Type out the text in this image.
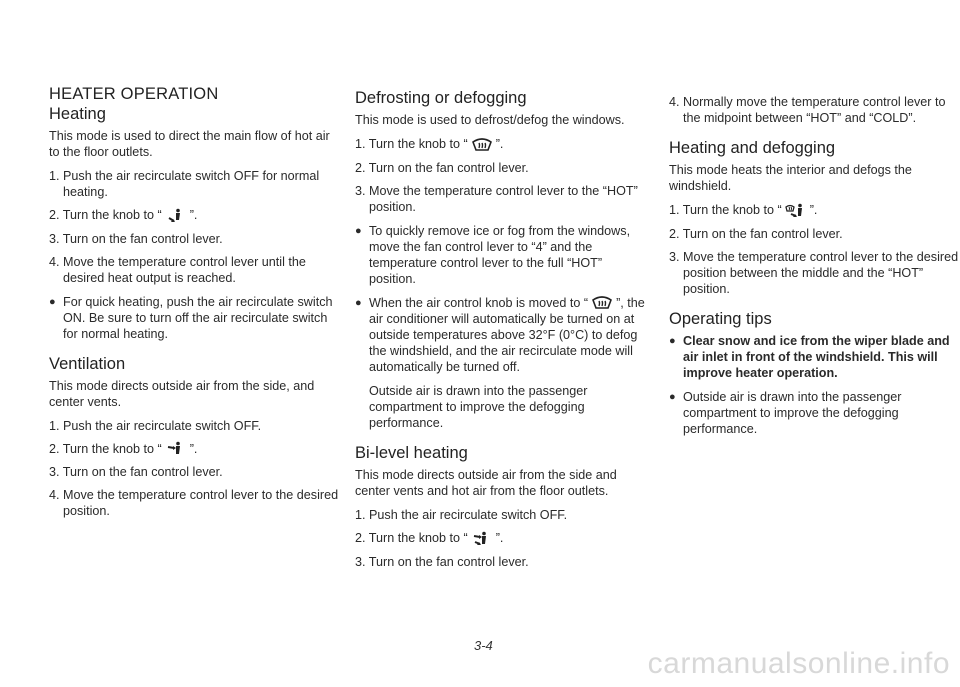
HEATER OPERATION
Heating

This mode is used to direct the main flow of hot air to the floor outlets.

1. Push the air recirculate switch OFF for normal heating.
2. Turn the knob to “ ”.
3. Turn on the fan control lever.
4. Move the temperature control lever until the desired heat output is reached.
● For quick heating, push the air recirculate switch ON. Be sure to turn off the air recirculate switch for normal heating.
Ventilation

This mode directs outside air from the side, and center vents.

1. Push the air recirculate switch OFF.
2. Turn the knob to “ ”.
3. Turn on the fan control lever.
4. Move the temperature control lever to the desired position.
Defrosting or defogging

This mode is used to defrost/defog the windows.

1. Turn the knob to “ ”.
2. Turn on the fan control lever.
3. Move the temperature control lever to the “HOT” position.
● To quickly remove ice or fog from the windows, move the fan control lever to “4” and the temperature control lever to the full “HOT” position.
● When the air control knob is moved to “ ”, the air conditioner will automatically be turned on at outside temperatures above 32°F (0°C) to defog the windshield, and the air recirculate mode will automatically be turned off.

Outside air is drawn into the passenger compartment to improve the defogging performance.

Bi-level heating

This mode directs outside air from the side and center vents and hot air from the floor outlets.

1. Push the air recirculate switch OFF.
2. Turn the knob to “ ”.
3. Turn on the fan control lever.
4. Normally move the temperature control lever to the midpoint between “HOT” and “COLD”.
Heating and defogging

This mode heats the interior and defogs the windshield.

1. Turn the knob to “ ”.
2. Turn on the fan control lever.
3. Move the temperature control lever to the desired position between the middle and the “HOT” position.
Operating tips
● Clear snow and ice from the wiper blade and air inlet in front of the windshield. This will improve heater operation.
● Outside air is drawn into the passenger compartment to improve the defogging performance.
3-4
carmanualsonline.info
